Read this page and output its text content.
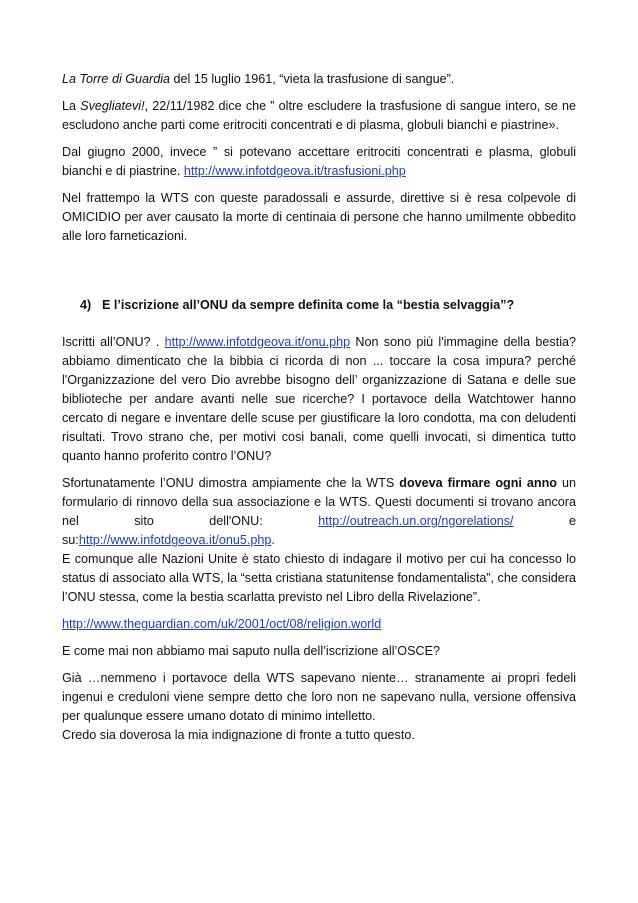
La Torre di Guardia del 15 luglio 1961, “vieta la trasfusione di sangue”.

La Svegliatevi!, 22/11/1982 dice che ” oltre escludere la trasfusione di sangue intero, se ne escludono anche parti come eritrociti concentrati e di plasma, globuli bianchi e piastrine».

Dal giugno 2000, invece ” si potevano accettare eritrociti concentrati e plasma, globuli bianchi e di piastrine. http://www.infotdgeova.it/trasfusioni.php

Nel frattempo la WTS con queste paradossali e assurde, direttive si è resa colpevole di OMICIDIO per aver causato la morte di centinaia di persone che hanno umilmente obbedito alle loro farneticazioni.

4) E l’iscrizione all’ONU da sempre definita come la “bestia selvaggia”?

Iscritti all’ONU? . http://www.infotdgeova.it/onu.php Non sono più l'immagine della bestia? abbiamo dimenticato che la bibbia ci ricorda di non ... toccare la cosa impura? perché l'Organizzazione del vero Dio avrebbe bisogno dell’ organizzazione di Satana e delle sue biblioteche per andare avanti nelle sue ricerche? I portavoce della Watchtower hanno cercato di negare e inventare delle scuse per giustificare la loro condotta, ma con deludenti risultati. Trovo strano che, per motivi cosi banali, come quelli invocati, si dimentica tutto quanto hanno proferito contro l’ONU?

Sfortunatamente l’ONU dimostra ampiamente che la WTS doveva firmare ogni anno un formulario di rinnovo della sua associazione e la WTS. Questi documenti si trovano ancora nel sito dell'ONU: http://outreach.un.org/ngorelations/ e su:http://www.infotdgeova.it/onu5.php.

E comunque alle Nazioni Unite è stato chiesto di indagare il motivo per cui ha concesso lo status di associato alla WTS, la “setta cristiana statunitense fondamentalista”, che considera l’ONU stessa, come la bestia scarlatta previsto nel Libro della Rivelazione”.

http://www.theguardian.com/uk/2001/oct/08/religion.world

E come mai non abbiamo mai saputo nulla dell’iscrizione all’OSCE?

Già …nemmeno i portavoce della WTS sapevano niente… stranamente ai propri fedeli ingenui e creduloni viene sempre detto che loro non ne sapevano nulla, versione offensiva per qualunque essere umano dotato di minimo intelletto.

Credo sia doverosa la mia indignazione di fronte a tutto questo.
